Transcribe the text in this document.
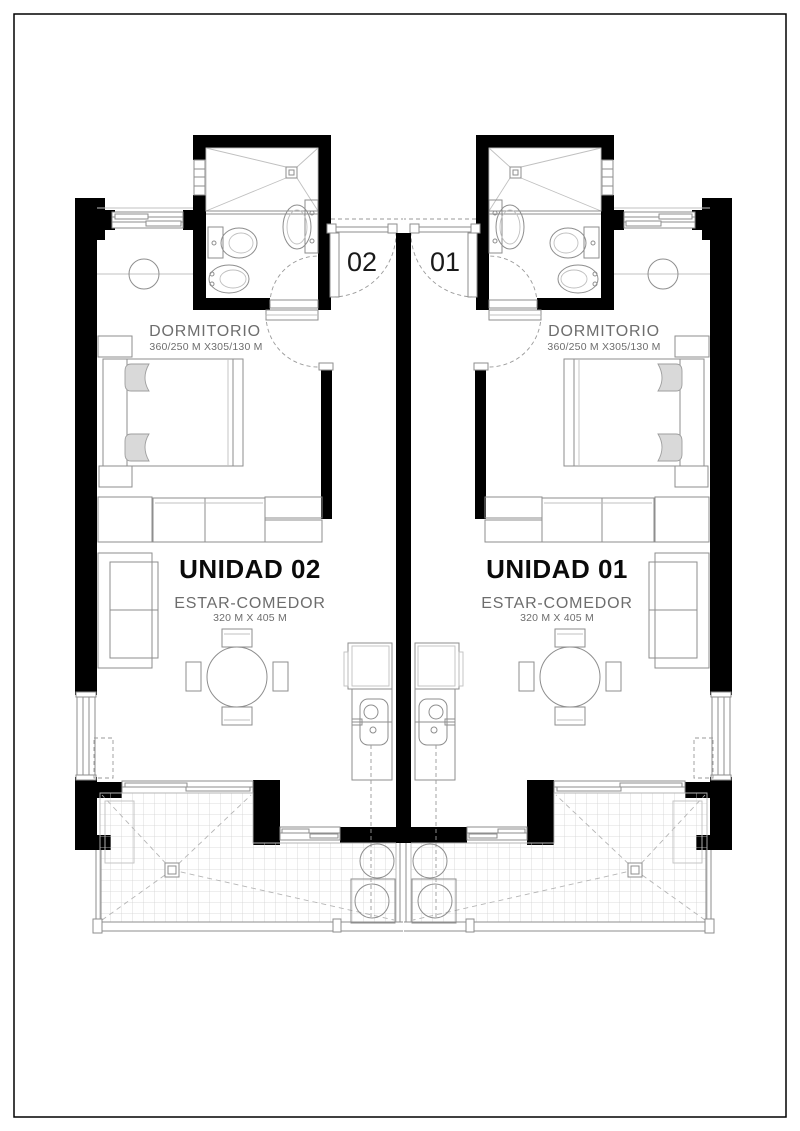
02
DORMITORIO
360/250 M X305/130 M
UNIDAD 02
ESTAR-COMEDOR
320 M X 405 M
01
DORMITORIO
360/250 M X305/130 M
UNIDAD 01
ESTAR-COMEDOR
320 M X 405 M
